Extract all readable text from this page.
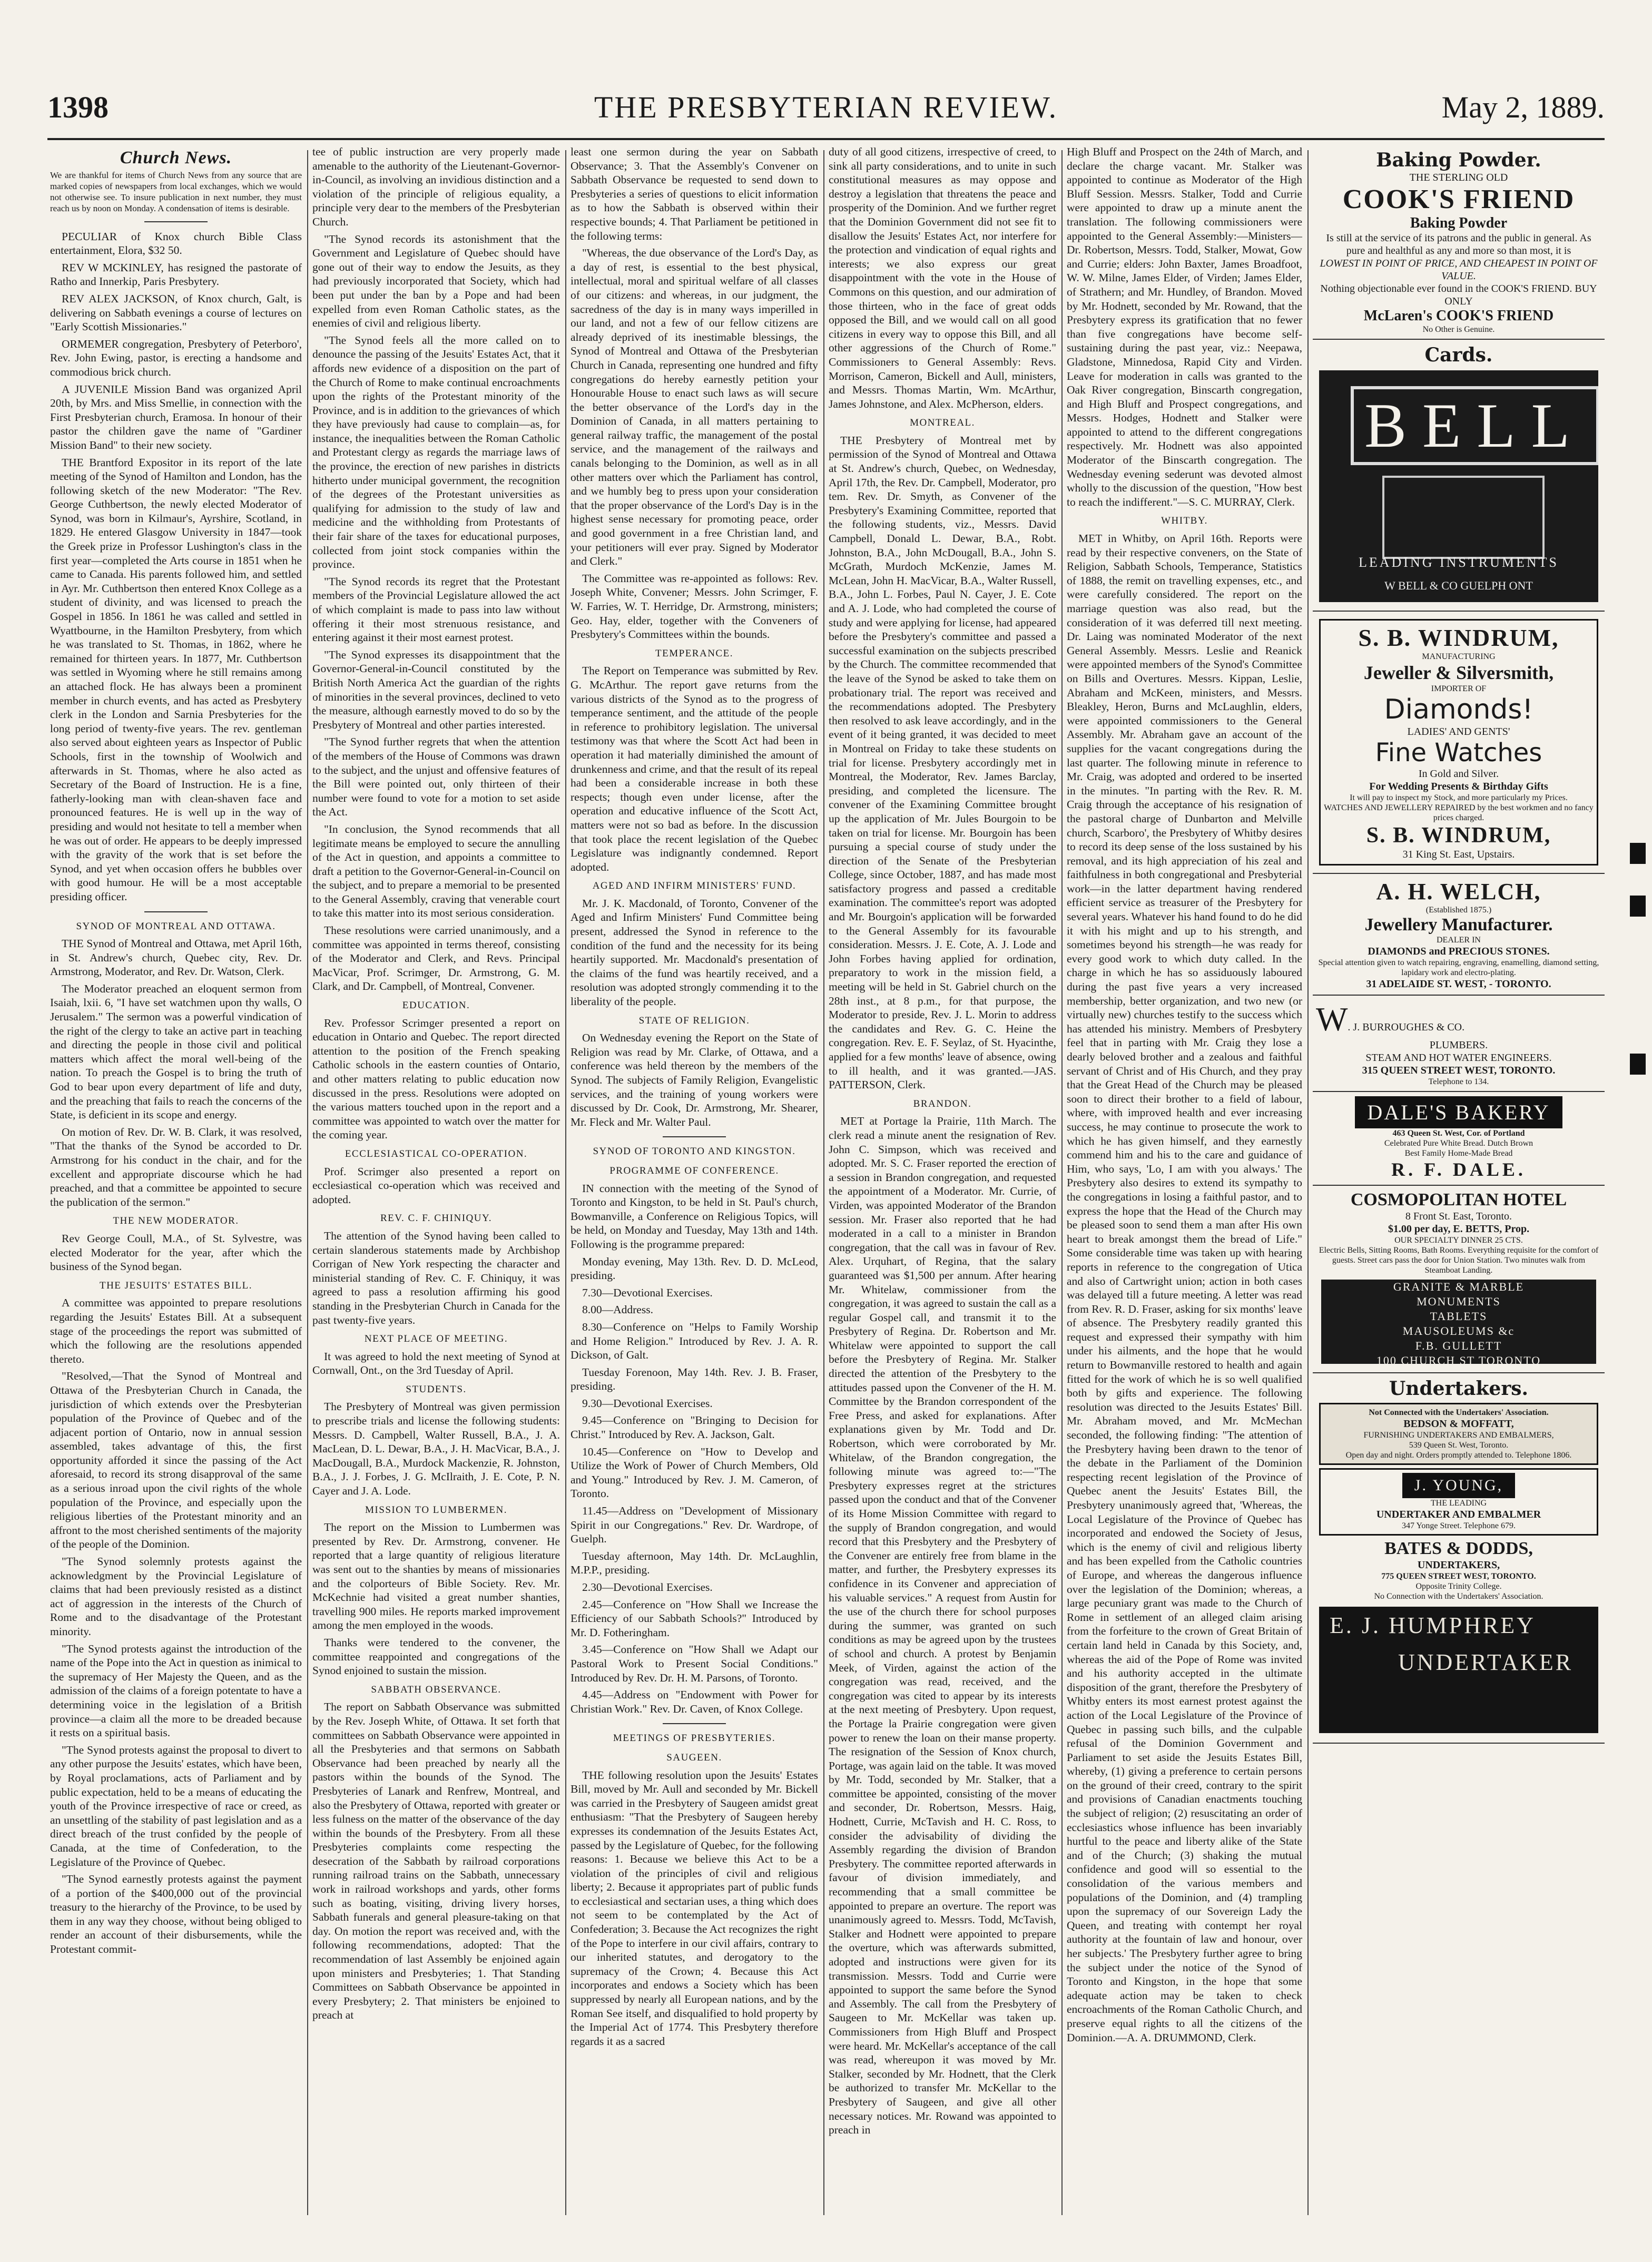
1398	THE PRESBYTERIAN REVIEW.	May 2, 1889.
Church News.

We are thankful for items of Church News from any source that are marked copies of newspapers from local exchanges, which we would not otherwise see. To insure publication in next number, they must reach us by noon on Monday. A condensation of items is desirable.

PECULIAR of Knox church Bible Class entertainment, Elora, $32 50.

REV W MCKINLEY, has resigned the pastorate of Ratho and Innerkip, Paris Presbytery.

REV ALEX JACKSON, of Knox church, Galt, is delivering on Sabbath evenings a course of lectures on "Early Scottish Missionaries."

ORMEMER congregation, Presbytery of Peterboro', Rev. John Ewing, pastor, is erecting a handsome and commodious brick church.

A JUVENILE Mission Band was organized April 20th, by Mrs. and Miss Smellie, in connection with the First Presbyterian church, Eramosa. In honour of their pastor the children gave the name of "Gardiner Mission Band" to their new society.

THE Brantford Expositor in its report of the late meeting of the Synod of Hamilton and London, has the following sketch of the new Moderator: "The Rev. George Cuthbertson, the newly elected Moderator of Synod, was born in Kilmaur's, Ayrshire, Scotland, in 1829. He entered Glasgow University in 1847—took the Greek prize in Professor Lushington's class in the first year—completed the Arts course in 1851 when he came to Canada. His parents followed him, and settled in Ayr. Mr. Cuthbertson then entered Knox College as a student of divinity, and was licensed to preach the Gospel in 1856. In 1861 he was called and settled in Wyattbourne, in the Hamilton Presbytery, from which he was translated to St. Thomas, in 1862, where he remained for thirteen years. In 1877, Mr. Cuthbertson was settled in Wyoming where he still remains among an attached flock. He has always been a prominent member in church events, and has acted as Presbytery clerk in the London and Sarnia Presbyteries for the long period of twenty-five years. The rev. gentleman also served about eighteen years as Inspector of Public Schools, first in the township of Woolwich and afterwards in St. Thomas, where he also acted as Secretary of the Board of Instruction. He is a fine, fatherly-looking man with clean-shaven face and pronounced features. He is well up in the way of presiding and would not hesitate to tell a member when he was out of order. He appears to be deeply impressed with the gravity of the work that is set before the Synod, and yet when occasion offers he bubbles over with good humour. He will be a most acceptable presiding officer.

SYNOD OF MONTREAL AND OTTAWA.

THE Synod of Montreal and Ottawa, met April 16th, in St. Andrew's church, Quebec city, Rev. Dr. Armstrong, Moderator, and Rev. Dr. Watson, Clerk.

The Moderator preached an eloquent sermon from Isaiah, lxii. 6, "I have set watchmen upon thy walls, O Jerusalem." The sermon was a powerful vindication of the right of the clergy to take an active part in teaching and directing the people in those civil and political matters which affect the moral well-being of the nation. To preach the Gospel is to bring the truth of God to bear upon every department of life and duty, and the preaching that fails to reach the concerns of the State, is deficient in its scope and energy.

On motion of Rev. Dr. W. B. Clark, it was resolved, "That the thanks of the Synod be accorded to Dr. Armstrong for his conduct in the chair, and for the excellent and appropriate discourse which he had preached, and that a committee be appointed to secure the publication of the sermon."

THE NEW MODERATOR.

Rev George Coull, M.A., of St. Sylvestre, was elected Moderator for the year, after which the business of the Synod began.

THE JESUITS' ESTATES BILL.

A committee was appointed to prepare resolutions regarding the Jesuits' Estates Bill. At a subsequent stage of the proceedings the report was submitted of which the following are the resolutions appended thereto.

"Resolved,—That the Synod of Montreal and Ottawa of the Presbyterian Church in Canada, the jurisdiction of which extends over the Presbyterian population of the Province of Quebec and of the adjacent portion of Ontario, now in annual session assembled, takes advantage of this, the first opportunity afforded it since the passing of the Act aforesaid, to record its strong disapproval of the same as a serious inroad upon the civil rights of the whole population of the Province, and especially upon the religious liberties of the Protestant minority and an affront to the most cherished sentiments of the majority of the people of the Dominion.

"The Synod solemnly protests against the acknowledgment by the Provincial Legislature of claims that had been previously resisted as a distinct act of aggression in the interests of the Church of Rome and to the disadvantage of the Protestant minority.

"The Synod protests against the introduction of the name of the Pope into the Act in question as inimical to the supremacy of Her Majesty the Queen, and as the admission of the claims of a foreign potentate to have a determining voice in the legislation of a British province—a claim all the more to be dreaded because it rests on a spiritual basis.

"The Synod protests against the proposal to divert to any other purpose the Jesuits' estates, which have been, by Royal proclamations, acts of Parliament and by public expectation, held to be a means of educating the youth of the Province irrespective of race or creed, as an unsettling of the stability of past legislation and as a direct breach of the trust confided by the people of Canada, at the time of Confederation, to the Legislature of the Province of Quebec.

"The Synod earnestly protests against the payment of a portion of the $400,000 out of the provincial treasury to the hierarchy of the Province, to be used by them in any way they choose, without being obliged to render an account of their disbursements, while the Protestant commit-

tee of public instruction are very properly made amenable to the authority of the Lieutenant-Governor-in-Council, as involving an invidious distinction and a violation of the principle of religious equality, a principle very dear to the members of the Presbyterian Church.

"The Synod records its astonishment that the Government and Legislature of Quebec should have gone out of their way to endow the Jesuits, as they had previously incorporated that Society, which had been put under the ban by a Pope and had been expelled from even Roman Catholic states, as the enemies of civil and religious liberty.

"The Synod feels all the more called on to denounce the passing of the Jesuits' Estates Act, that it affords new evidence of a disposition on the part of the Church of Rome to make continual encroachments upon the rights of the Protestant minority of the Province, and is in addition to the grievances of which they have previously had cause to complain—as, for instance, the inequalities between the Roman Catholic and Protestant clergy as regards the marriage laws of the province, the erection of new parishes in districts hitherto under municipal government, the recognition of the degrees of the Protestant universities as qualifying for admission to the study of law and medicine and the withholding from Protestants of their fair share of the taxes for educational purposes, collected from joint stock companies within the province.

"The Synod records its regret that the Protestant members of the Provincial Legislature allowed the act of which complaint is made to pass into law without offering it their most strenuous resistance, and entering against it their most earnest protest.

"The Synod expresses its disappointment that the Governor-General-in-Council constituted by the British North America Act the guardian of the rights of minorities in the several provinces, declined to veto the measure, although earnestly moved to do so by the Presbytery of Montreal and other parties interested.

"The Synod further regrets that when the attention of the members of the House of Commons was drawn to the subject, and the unjust and offensive features of the Bill were pointed out, only thirteen of their number were found to vote for a motion to set aside the Act.

"In conclusion, the Synod recommends that all legitimate means be employed to secure the annulling of the Act in question, and appoints a committee to draft a petition to the Governor-General-in-Council on the subject, and to prepare a memorial to be presented to the General Assembly, craving that venerable court to take this matter into its most serious consideration.

These resolutions were carried unanimously, and a committee was appointed in terms thereof, consisting of the Moderator and Clerk, and Revs. Principal MacVicar, Prof. Scrimger, Dr. Armstrong, G. M. Clark, and Dr. Campbell, of Montreal, Convener.

EDUCATION.

Rev. Professor Scrimger presented a report on education in Ontario and Quebec. The report directed attention to the position of the French speaking Catholic schools in the eastern counties of Ontario, and other matters relating to public education now discussed in the press. Resolutions were adopted on the various matters touched upon in the report and a committee was appointed to watch over the matter for the coming year.

ECCLESIASTICAL CO-OPERATION.

Prof. Scrimger also presented a report on ecclesiastical co-operation which was received and adopted.

REV. C. F. CHINIQUY.

The attention of the Synod having been called to certain slanderous statements made by Archbishop Corrigan of New York respecting the character and ministerial standing of Rev. C. F. Chiniquy, it was agreed to pass a resolution affirming his good standing in the Presbyterian Church in Canada for the past twenty-five years.

NEXT PLACE OF MEETING.

It was agreed to hold the next meeting of Synod at Cornwall, Ont., on the 3rd Tuesday of April.

STUDENTS.

The Presbytery of Montreal was given permission to prescribe trials and license the following students: Messrs. D. Campbell, Walter Russell, B.A., J. A. MacLean, D. L. Dewar, B.A., J. H. MacVicar, B.A., J. MacDougall, B.A., Murdock Mackenzie, R. Johnston, B.A., J. J. Forbes, J. G. McIlraith, J. E. Cote, P. N. Cayer and J. A. Lode.

MISSION TO LUMBERMEN.

The report on the Mission to Lumbermen was presented by Rev. Dr. Armstrong, convener. He reported that a large quantity of religious literature was sent out to the shanties by means of missionaries and the colporteurs of Bible Society. Rev. Mr. McKechnie had visited a great number shanties, travelling 900 miles. He reports marked improvement among the men employed in the woods.

Thanks were tendered to the convener, the committee reappointed and congregations of the Synod enjoined to sustain the mission.

SABBATH OBSERVANCE.

The report on Sabbath Observance was submitted by the Rev. Joseph White, of Ottawa. It set forth that committees on Sabbath Observance were appointed in all the Presbyteries and that sermons on Sabbath Observance had been preached by nearly all the pastors within the bounds of the Synod. The Presbyteries of Lanark and Renfrew, Montreal, and also the Presbytery of Ottawa, reported with greater or less fulness on the matter of the observance of the day within the bounds of the Presbytery. From all these Presbyteries complaints come respecting the desecration of the Sabbath by railroad corporations running railroad trains on the Sabbath, unnecessary work in railroad workshops and yards, other forms such as boating, visiting, driving livery horses, Sabbath funerals and general pleasure-taking on that day. On motion the report was received and, with the following recommendations, adopted: That the recommendation of last Assembly be enjoined again upon ministers and Presbyteries; 1. That Standing Committees on Sabbath Observance be appointed in every Presbytery; 2. That ministers be enjoined to preach at

least one sermon during the year on Sabbath Observance; 3. That the Assembly's Convener on Sabbath Observance be requested to send down to Presbyteries a series of questions to elicit information as to how the Sabbath is observed within their respective bounds; 4. That Parliament be petitioned in the following terms:

"Whereas, the due observance of the Lord's Day, as a day of rest, is essential to the best physical, intellectual, moral and spiritual welfare of all classes of our citizens: and whereas, in our judgment, the sacredness of the day is in many ways imperilled in our land, and not a few of our fellow citizens are already deprived of its inestimable blessings, the Synod of Montreal and Ottawa of the Presbyterian Church in Canada, representing one hundred and fifty congregations do hereby earnestly petition your Honourable House to enact such laws as will secure the better observance of the Lord's day in the Dominion of Canada, in all matters pertaining to general railway traffic, the management of the postal service, and the management of the railways and canals belonging to the Dominion, as well as in all other matters over which the Parliament has control, and we humbly beg to press upon your consideration that the proper observance of the Lord's Day is in the highest sense necessary for promoting peace, order and good government in a free Christian land, and your petitioners will ever pray. Signed by Moderator and Clerk."

The Committee was re-appointed as follows: Rev. Joseph White, Convener; Messrs. John Scrimger, F. W. Farries, W. T. Herridge, Dr. Armstrong, ministers; Geo. Hay, elder, together with the Conveners of Presbytery's Committees within the bounds.

TEMPERANCE.

The Report on Temperance was submitted by Rev. G. McArthur. The report gave returns from the various districts of the Synod as to the progress of temperance sentiment, and the attitude of the people in reference to prohibitory legislation. The universal testimony was that where the Scott Act had been in operation it had materially diminished the amount of drunkenness and crime, and that the result of its repeal had been a considerable increase in both these respects; though even under license, after the operation and educative influence of the Scott Act, matters were not so bad as before. In the discussion that took place the recent legislation of the Quebec Legislature was indignantly condemned. Report adopted.

AGED AND INFIRM MINISTERS' FUND.

Mr. J. K. Macdonald, of Toronto, Convener of the Aged and Infirm Ministers' Fund Committee being present, addressed the Synod in reference to the condition of the fund and the necessity for its being heartily supported. Mr. Macdonald's presentation of the claims of the fund was heartily received, and a resolution was adopted strongly commending it to the liberality of the people.

STATE OF RELIGION.

On Wednesday evening the Report on the State of Religion was read by Mr. Clarke, of Ottawa, and a conference was held thereon by the members of the Synod. The subjects of Family Religion, Evangelistic services, and the training of young workers were discussed by Dr. Cook, Dr. Armstrong, Mr. Shearer, Mr. Fleck and Mr. Walter Paul.

SYNOD OF TORONTO AND KINGSTON.
PROGRAMME OF CONFERENCE.

IN connection with the meeting of the Synod of Toronto and Kingston, to be held in St. Paul's church, Bowmanville, a Conference on Religious Topics, will be held, on Monday and Tuesday, May 13th and 14th. Following is the programme prepared:

Monday evening, May 13th. Rev. D. D. McLeod, presiding.

7.30—Devotional Exercises.

8.00—Address.

8.30—Conference on "Helps to Family Worship and Home Religion." Introduced by Rev. J. A. R. Dickson, of Galt.

Tuesday Forenoon, May 14th. Rev. J. B. Fraser, presiding.

9.30—Devotional Exercises.

9.45—Conference on "Bringing to Decision for Christ." Introduced by Rev. A. Jackson, Galt.

10.45—Conference on "How to Develop and Utilize the Work of Power of Church Members, Old and Young." Introduced by Rev. J. M. Cameron, of Toronto.

11.45—Address on "Development of Missionary Spirit in our Congregations." Rev. Dr. Wardrope, of Guelph.

Tuesday afternoon, May 14th. Dr. McLaughlin, M.P.P., presiding.

2.30—Devotional Exercises.

2.45—Conference on "How Shall we Increase the Efficiency of our Sabbath Schools?" Introduced by Mr. D. Fotheringham.

3.45—Conference on "How Shall we Adapt our Pastoral Work to Present Social Conditions." Introduced by Rev. Dr. H. M. Parsons, of Toronto.

4.45—Address on "Endowment with Power for Christian Work." Rev. Dr. Caven, of Knox College.

MEETINGS OF PRESBYTERIES.
SAUGEEN.

THE following resolution upon the Jesuits' Estates Bill, moved by Mr. Aull and seconded by Mr. Bickell was carried in the Presbytery of Saugeen amidst great enthusiasm: "That the Presbytery of Saugeen hereby expresses its condemnation of the Jesuits Estates Act, passed by the Legislature of Quebec, for the following reasons: 1. Because we believe this Act to be a violation of the principles of civil and religious liberty; 2. Because it appropriates part of public funds to ecclesiastical and sectarian uses, a thing which does not seem to be contemplated by the Act of Confederation; 3. Because the Act recognizes the right of the Pope to interfere in our civil affairs, contrary to our inherited statutes, and derogatory to the supremacy of the Crown; 4. Because this Act incorporates and endows a Society which has been suppressed by nearly all European nations, and by the Roman See itself, and disqualified to hold property by the Imperial Act of 1774. This Presbytery therefore regards it as a sacred

duty of all good citizens, irrespective of creed, to sink all party considerations, and to unite in such constitutional measures as may oppose and destroy a legislation that threatens the peace and prosperity of the Dominion. And we further regret that the Dominion Government did not see fit to disallow the Jesuits' Estates Act, nor interfere for the protection and vindication of equal rights and interests; we also express our great disappointment with the vote in the House of Commons on this question, and our admiration of those thirteen, who in the face of great odds opposed the Bill, and we would call on all good citizens in every way to oppose this Bill, and all other aggressions of the Church of Rome." Commissioners to General Assembly: Revs. Morrison, Cameron, Bickell and Aull, ministers, and Messrs. Thomas Martin, Wm. McArthur, James Johnstone, and Alex. McPherson, elders.

MONTREAL.

THE Presbytery of Montreal met by permission of the Synod of Montreal and Ottawa at St. Andrew's church, Quebec, on Wednesday, April 17th, the Rev. Dr. Campbell, Moderator, pro tem. Rev. Dr. Smyth, as Convener of the Presbytery's Examining Committee, reported that the following students, viz., Messrs. David Campbell, Donald L. Dewar, B.A., Robt. Johnston, B.A., John McDougall, B.A., John S. McGrath, Murdoch McKenzie, James M. McLean, John H. MacVicar, B.A., Walter Russell, B.A., John L. Forbes, Paul N. Cayer, J. E. Cote and A. J. Lode, who had completed the course of study and were applying for license, had appeared before the Presbytery's committee and passed a successful examination on the subjects prescribed by the Church. The committee recommended that the leave of the Synod be asked to take them on probationary trial. The report was received and the recommendations adopted. The Presbytery then resolved to ask leave accordingly, and in the event of it being granted, it was decided to meet in Montreal on Friday to take these students on trial for license. Presbytery accordingly met in Montreal, the Moderator, Rev. James Barclay, presiding, and completed the licensure. The convener of the Examining Committee brought up the application of Mr. Jules Bourgoin to be taken on trial for license. Mr. Bourgoin has been pursuing a special course of study under the direction of the Senate of the Presbyterian College, since October, 1887, and has made most satisfactory progress and passed a creditable examination. The committee's report was adopted and Mr. Bourgoin's application will be forwarded to the General Assembly for its favourable consideration. Messrs. J. E. Cote, A. J. Lode and John Forbes having applied for ordination, preparatory to work in the mission field, a meeting will be held in St. Gabriel church on the 28th inst., at 8 p.m., for that purpose, the Moderator to preside, Rev. J. L. Morin to address the candidates and Rev. G. C. Heine the congregation. Rev. E. F. Seylaz, of St. Hyacinthe, applied for a few months' leave of absence, owing to ill health, and it was granted.—JAS. PATTERSON, Clerk.

BRANDON.

MET at Portage la Prairie, 11th March. The clerk read a minute anent the resignation of Rev. John C. Simpson, which was received and adopted. Mr. S. C. Fraser reported the erection of a session in Brandon congregation, and requested the appointment of a Moderator. Mr. Currie, of Virden, was appointed Moderator of the Brandon session. Mr. Fraser also reported that he had moderated in a call to a minister in Brandon congregation, that the call was in favour of Rev. Alex. Urquhart, of Regina, that the salary guaranteed was $1,500 per annum. After hearing Mr. Whitelaw, commissioner from the congregation, it was agreed to sustain the call as a regular Gospel call, and transmit it to the Presbytery of Regina. Dr. Robertson and Mr. Whitelaw were appointed to support the call before the Presbytery of Regina. Mr. Stalker directed the attention of the Presbytery to the attitudes passed upon the Convener of the H. M. Committee by the Brandon correspondent of the Free Press, and asked for explanations. After explanations given by Mr. Todd and Dr. Robertson, which were corroborated by Mr. Whitelaw, of the Brandon congregation, the following minute was agreed to:—"The Presbytery expresses regret at the strictures passed upon the conduct and that of the Convener of its Home Mission Committee with regard to the supply of Brandon congregation, and would record that this Presbytery and the Presbytery of the Convener are entirely free from blame in the matter, and further, the Presbytery expresses its confidence in its Convener and appreciation of his valuable services." A request from Austin for the use of the church there for school purposes during the summer, was granted on such conditions as may be agreed upon by the trustees of school and church. A protest by Benjamin Meek, of Virden, against the action of the congregation was read, received, and the congregation was cited to appear by its interests at the next meeting of Presbytery. Upon request, the Portage la Prairie congregation were given power to renew the loan on their manse property. The resignation of the Session of Knox church, Portage, was again laid on the table. It was moved by Mr. Todd, seconded by Mr. Stalker, that a committee be appointed, consisting of the mover and seconder, Dr. Robertson, Messrs. Haig, Hodnett, Currie, McTavish and H. C. Ross, to consider the advisability of dividing the Assembly regarding the division of Brandon Presbytery. The committee reported afterwards in favour of division immediately, and recommending that a small committee be appointed to prepare an overture. The report was unanimously agreed to. Messrs. Todd, McTavish, Stalker and Hodnett were appointed to prepare the overture, which was afterwards submitted, adopted and instructions were given for its transmission. Messrs. Todd and Currie were appointed to support the same before the Synod and Assembly. The call from the Presbytery of Saugeen to Mr. McKellar was taken up. Commissioners from High Bluff and Prospect were heard. Mr. McKellar's acceptance of the call was read, whereupon it was moved by Mr. Stalker, seconded by Mr. Hodnett, that the Clerk be authorized to transfer Mr. McKellar to the Presbytery of Saugeen, and give all other necessary notices. Mr. Rowand was appointed to preach in

High Bluff and Prospect on the 24th of March, and declare the charge vacant. Mr. Stalker was appointed to continue as Moderator of the High Bluff Session. Messrs. Stalker, Todd and Currie were appointed to draw up a minute anent the translation. The following commissioners were appointed to the General Assembly:—Ministers—Dr. Robertson, Messrs. Todd, Stalker, Mowat, Gow and Currie; elders: John Baxter, James Broadfoot, W. W. Milne, James Elder, of Virden; James Elder, of Strathern; and Mr. Hundley, of Brandon. Moved by Mr. Hodnett, seconded by Mr. Rowand, that the Presbytery express its gratification that no fewer than five congregations have become self-sustaining during the past year, viz.: Neepawa, Gladstone, Minnedosa, Rapid City and Virden. Leave for moderation in calls was granted to the Oak River congregation, Binscarth congregation, and High Bluff and Prospect congregations, and Messrs. Hodges, Hodnett and Stalker were appointed to attend to the different congregations respectively. Mr. Hodnett was also appointed Moderator of the Binscarth congregation. The Wednesday evening sederunt was devoted almost wholly to the discussion of the question, "How best to reach the indifferent."—S. C. MURRAY, Clerk.

WHITBY.

MET in Whitby, on April 16th. Reports were read by their respective conveners, on the State of Religion, Sabbath Schools, Temperance, Statistics of 1888, the remit on travelling expenses, etc., and were carefully considered. The report on the marriage question was also read, but the consideration of it was deferred till next meeting. Dr. Laing was nominated Moderator of the next General Assembly. Messrs. Leslie and Reanick were appointed members of the Synod's Committee on Bills and Overtures. Messrs. Kippan, Leslie, Abraham and McKeen, ministers, and Messrs. Bleakley, Heron, Burns and McLaughlin, elders, were appointed commissioners to the General Assembly. Mr. Abraham gave an account of the supplies for the vacant congregations during the last quarter. The following minute in reference to Mr. Craig, was adopted and ordered to be inserted in the minutes. "In parting with the Rev. R. M. Craig through the acceptance of his resignation of the pastoral charge of Dunbarton and Melville church, Scarboro', the Presbytery of Whitby desires to record its deep sense of the loss sustained by his removal, and its high appreciation of his zeal and faithfulness in both congregational and Presbyterial work—in the latter department having rendered efficient service as treasurer of the Presbytery for several years. Whatever his hand found to do he did it with his might and up to his strength, and sometimes beyond his strength—he was ready for every good work to which duty called. In the charge in which he has so assiduously laboured during the past five years a very increased membership, better organization, and two new (or virtually new) churches testify to the success which has attended his ministry. Members of Presbytery feel that in parting with Mr. Craig they lose a dearly beloved brother and a zealous and faithful servant of Christ and of His Church, and they pray that the Great Head of the Church may be pleased soon to direct their brother to a field of labour, where, with improved health and ever increasing success, he may continue to prosecute the work to which he has given himself, and they earnestly commend him and his to the care and guidance of Him, who says, 'Lo, I am with you always.' The Presbytery also desires to extend its sympathy to the congregations in losing a faithful pastor, and to express the hope that the Head of the Church may be pleased soon to send them a man after His own heart to break amongst them the bread of Life." Some considerable time was taken up with hearing reports in reference to the congregation of Utica and also of Cartwright union; action in both cases was delayed till a future meeting. A letter was read from Rev. R. D. Fraser, asking for six months' leave of absence. The Presbytery readily granted this request and expressed their sympathy with him under his ailments, and the hope that he would return to Bowmanville restored to health and again fitted for the work of which he is so well qualified both by gifts and experience. The following resolution was directed to the Jesuits Estates' Bill. Mr. Abraham moved, and Mr. McMechan seconded, the following finding: "The attention of the Presbytery having been drawn to the tenor of the debate in the Parliament of the Dominion respecting recent legislation of the Province of Quebec anent the Jesuits' Estates Bill, the Presbytery unanimously agreed that, 'Whereas, the Local Legislature of the Province of Quebec has incorporated and endowed the Society of Jesus, which is the enemy of civil and religious liberty and has been expelled from the Catholic countries of Europe, and whereas the dangerous influence over the legislation of the Dominion; whereas, a large pecuniary grant was made to the Church of Rome in settlement of an alleged claim arising from the forfeiture to the crown of Great Britain of certain land held in Canada by this Society, and, whereas the aid of the Pope of Rome was invited and his authority accepted in the ultimate disposition of the grant, therefore the Presbytery of Whitby enters its most earnest protest against the action of the Local Legislature of the Province of Quebec in passing such bills, and the culpable refusal of the Dominion Government and Parliament to set aside the Jesuits Estates Bill, whereby, (1) giving a preference to certain persons on the ground of their creed, contrary to the spirit and provisions of Canadian enactments touching the subject of religion; (2) resuscitating an order of ecclesiastics whose influence has been invariably hurtful to the peace and liberty alike of the State and of the Church; (3) shaking the mutual confidence and good will so essential to the consolidation of the various members and populations of the Dominion, and (4) trampling upon the supremacy of our Sovereign Lady the Queen, and treating with contempt her royal authority at the fountain of law and honour, over her subjects.' The Presbytery further agree to bring the subject under the notice of the Synod of Toronto and Kingston, in the hope that some adequate action may be taken to check encroachments of the Roman Catholic Church, and preserve equal rights to all the citizens of the Dominion.—A. A. DRUMMOND, Clerk.

Baking Powder.
THE STERLING OLD
COOK'S FRIEND
Baking Powder
Is still at the service of its patrons and the public in general. As pure and healthful as any and more so than most, it is
LOWEST IN POINT OF PRICE, AND CHEAPEST IN POINT OF VALUE.
Nothing objectionable ever found in the COOK'S FRIEND. BUY ONLY
McLaren's COOK'S FRIEND
No Other is Genuine.
Cards.
BELL
LEADING INSTRUMENTS
W BELL & CO GUELPH ONT
S. B. WINDRUM,
MANUFACTURING
Jeweller & Silversmith,
IMPORTER OF
Diamonds!
LADIES' AND GENTS'
Fine Watches
In Gold and Silver.
For Wedding Presents & Birthday Gifts
It will pay to inspect my Stock, and more particularly my Prices.
WATCHES AND JEWELLERY REPAIRED by the best workmen and no fancy prices charged.
S. B. WINDRUM,
31 King St. East, Upstairs.
A. H. WELCH,
(Established 1875.)
Jewellery Manufacturer.
DEALER IN
DIAMONDS and PRECIOUS STONES.
Special attention given to watch repairing, engraving, enamelling, diamond setting, lapidary work and electro-plating.
31 ADELAIDE ST. WEST, - TORONTO.
W. J. BURROUGHES & CO.
PLUMBERS.
STEAM AND HOT WATER ENGINEERS.
315 QUEEN STREET WEST, TORONTO.
Telephone to 134.
DALE'S BAKERY
463 Queen St. West, Cor. of Portland
Celebrated Pure White Bread. Dutch Brown
Best Family Home-Made Bread
R. F. DALE.
COSMOPOLITAN HOTEL
8 Front St. East, Toronto.
$1.00 per day, E. BETTS, Prop.
OUR SPECIALTY DINNER 25 CTS.
Electric Bells, Sitting Rooms, Bath Rooms. Everything requisite for the comfort of guests. Street cars pass the door for Union Station. Two minutes walk from Steamboat Landing.
GRANITE & MARBLE
MONUMENTS
TABLETS
MAUSOLEUMS &c
F.B. GULLETT
100 CHURCH ST TORONTO
Undertakers.
Not Connected with the Undertakers' Association.
BEDSON & MOFFATT,
FURNISHING UNDERTAKERS AND EMBALMERS,
539 Queen St. West, Toronto.
Open day and night. Orders promptly attended to. Telephone 1806.
J. YOUNG,
THE LEADING
UNDERTAKER AND EMBALMER
347 Yonge Street. Telephone 679.
BATES & DODDS,
UNDERTAKERS,
775 QUEEN STREET WEST, TORONTO.
Opposite Trinity College.
No Connection with the Undertakers' Association.
E. J. HUMPHREY
UNDERTAKER
